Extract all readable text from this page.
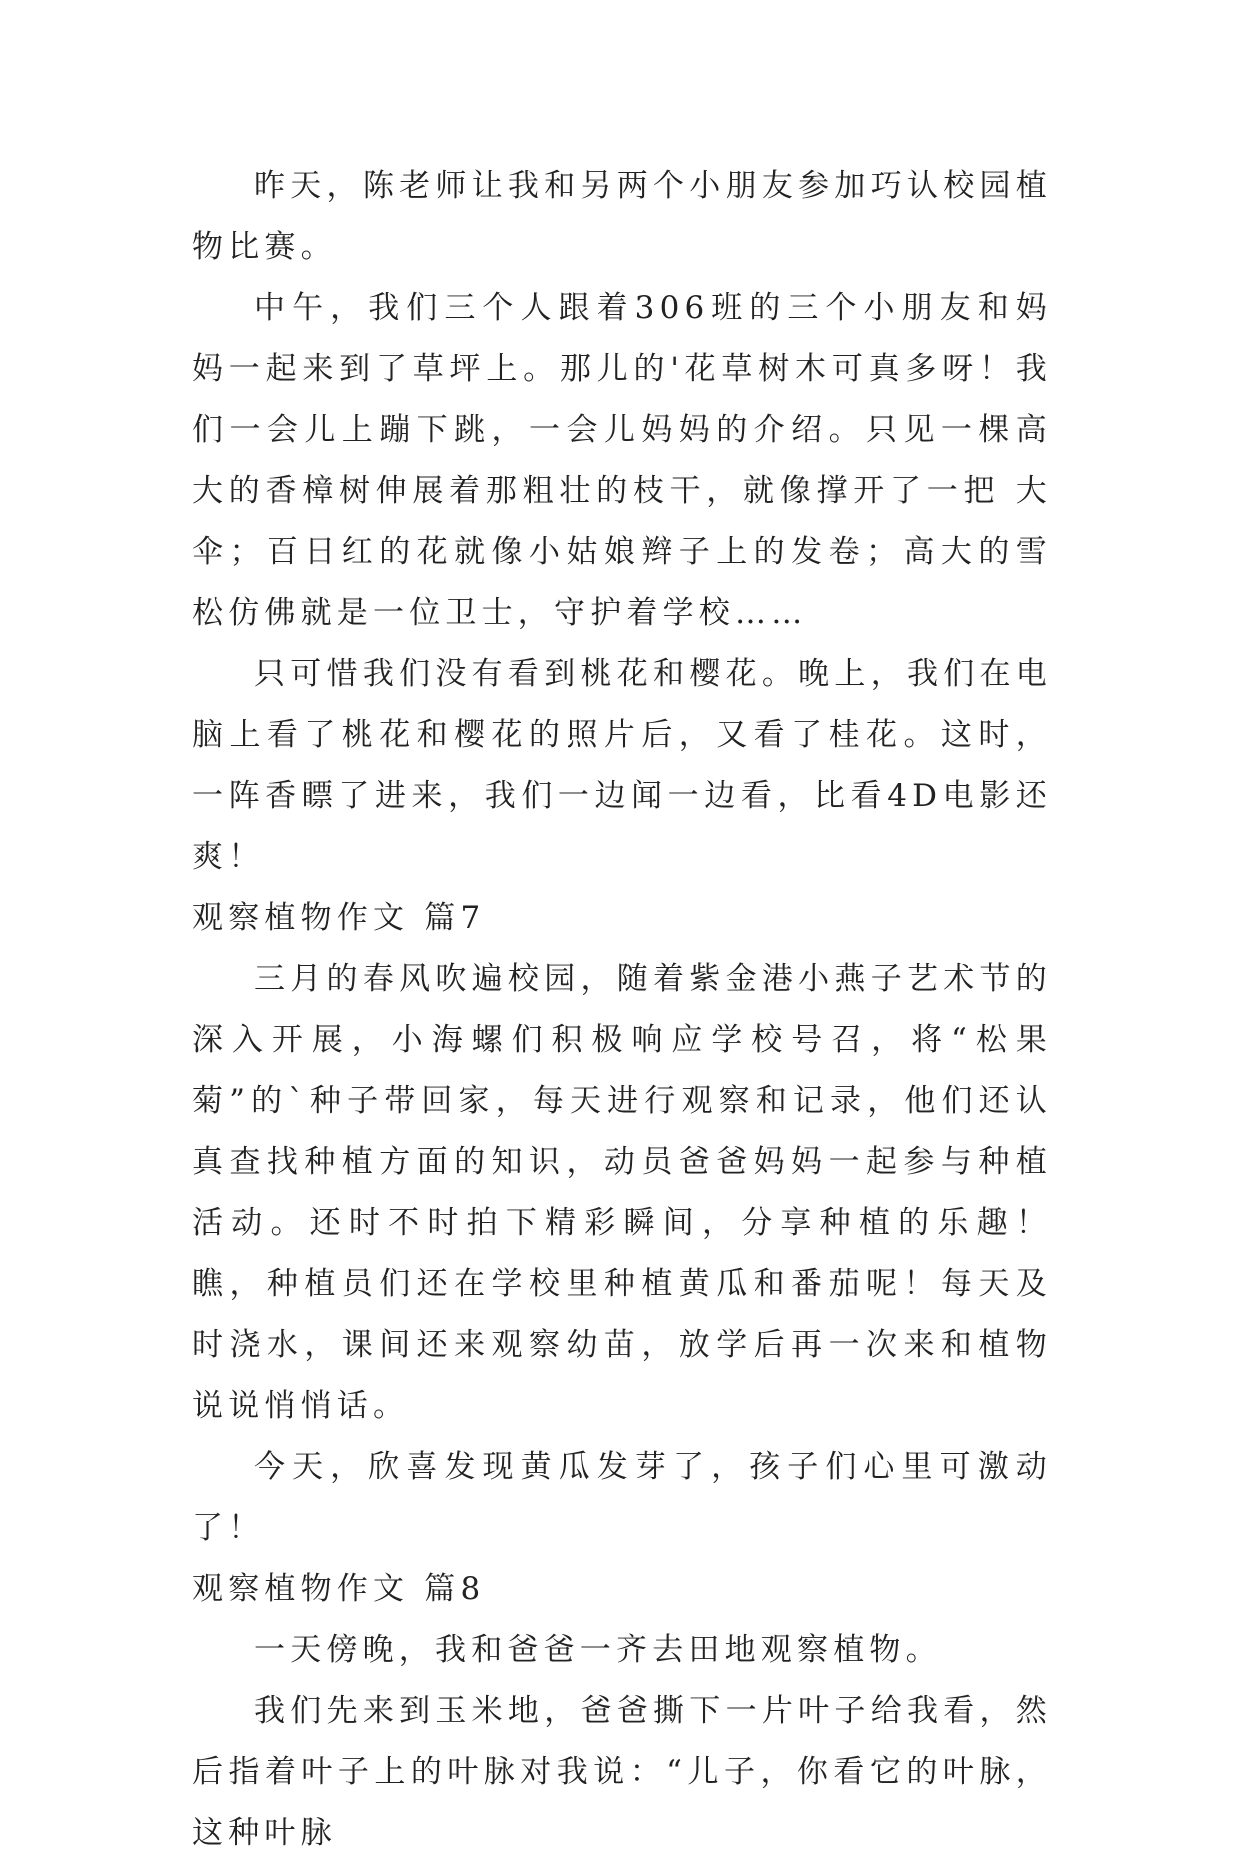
昨天，陈老师让我和另两个小朋友参加巧认校园植物比赛。

中午，我们三个人跟着306班的三个小朋友和妈妈一起来到了草坪上。那儿的'花草树木可真多呀！我们一会儿上蹦下跳，一会儿妈妈的介绍。只见一棵高大的香樟树伸展着那粗壮的枝干，就像撑开了一把 大伞；百日红的花就像小姑娘辫子上的发卷；高大的雪松仿佛就是一位卫士，守护着学校……

只可惜我们没有看到桃花和樱花。晚上，我们在电脑上看了桃花和樱花的照片后，又看了桂花。这时，一阵香瞟了进来，我们一边闻一边看，比看4D电影还爽！

观察植物作文 篇7

三月的春风吹遍校园，随着紫金港小燕子艺术节的深入开展，小海螺们积极响应学校号召，将“松果菊”的`种子带回家，每天进行观察和记录，他们还认真查找种植方面的知识，动员爸爸妈妈一起参与种植活动。还时不时拍下精彩瞬间，分享种植的乐趣！瞧，种植员们还在学校里种植黄瓜和番茄呢！每天及时浇水，课间还来观察幼苗，放学后再一次来和植物说说悄悄话。

今天，欣喜发现黄瓜发芽了，孩子们心里可激动了！

观察植物作文 篇8

一天傍晚，我和爸爸一齐去田地观察植物。

我们先来到玉米地，爸爸撕下一片叶子给我看，然后指着叶子上的叶脉对我说：“儿子，你看它的叶脉，这种叶脉
